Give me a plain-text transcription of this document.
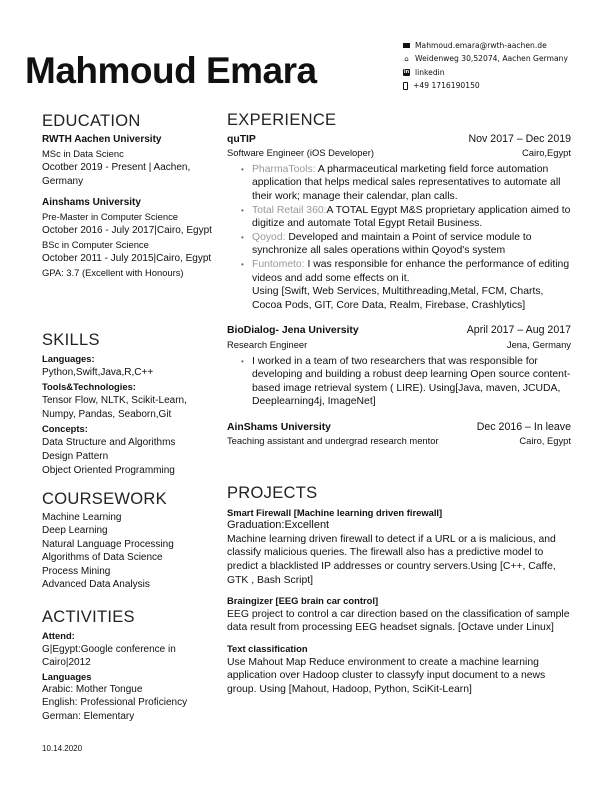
Mahmoud Emara
Mahmoud.emara@rwth-aachen.de
⌂ Weidenweg 30,52074, Aachen Germany
in linkedin
+49 1716190150
EDUCATION
RWTH Aachen University
MSc in Data Scienc
Ocotber 2019 - Present | Aachen, Germany
Ainshams University
Pre-Master in Computer Science
October 2016 - July 2017|Cairo, Egypt
BSc in Computer Science
October 2011 - July 2015|Cairo, Egypt
GPA: 3.7 (Excellent with Honours)
SKILLS
Languages:
Python,Swift,Java,R,C++
Tools&Technologies:
Tensor Flow, NLTK, Scikit-Learn, Numpy, Pandas, Seaborn,Git
Concepts:
Data Structure and Algorithms
Design Pattern
Object Oriented Programming
COURSEWORK
Machine Learning
Deep Learning
Natural Language Processing
Algorithms of Data Science
Process Mining
Advanced Data Analysis
ACTIVITIES
Attend:
G|Egypt:Google conference in Cairo|2012
Languages
Arabic: Mother Tongue
English: Professional Proficiency
German: Elementary
10.14.2020
EXPERIENCE
quTIP	Nov 2017 – Dec 2019
Software Engineer (iOS Developer)	Cairo,Egypt
• PharmaTools: A pharmaceutical marketing field force automation application that helps medical sales representatives to automate all their work; manage their calendar, plan calls.
• Total Retail 360:A TOTAL Egypt M&S proprietary application aimed to digitize and automate Total Egypt Retail Business.
• Qoyod: Developed and maintain a Point of service module to synchronize all sales operations within Qoyod's system
• Funtometo: I was responsible for enhance the performance of editing videos and add some effects on it.
Using [Swift, Web Services, Multithreading,Metal, FCM, Charts, Cocoa Pods, GIT, Core Data, Realm, Firebase, Crashlytics]
BioDialog- Jena University	April 2017 – Aug 2017
Research Engineer	Jena, Germany
• I worked in a team of two researchers that was responsible for developing and building a robust deep learning Open source content-based image retrieval system ( LIRE). Using[Java, maven, JCUDA, Deeplearning4j, ImageNet]
AinShams University	Dec 2016 – In leave
Teaching assistant and undergrad research mentor	Cairo, Egypt
PROJECTS
Smart Firewall [Machine learning driven firewall]
Graduation:Excellent
Machine learning driven firewall to detect if a URL or a is malicious, and classify malicious queries. The firewall also has a predictive model to predict a blacklisted IP addresses or country servers.Using [C++, Caffe, GTK , Bash Script]
Braingizer [EEG brain car control]
EEG project to control a car direction based on the classification of sample data result from processing EEG headset signals. [Octave under Linux]
Text classification
Use Mahout Map Reduce environment to create a machine learning application over Hadoop cluster to classyfy input document to a news group. Using [Mahout, Hadoop, Python, SciKit-Learn]
